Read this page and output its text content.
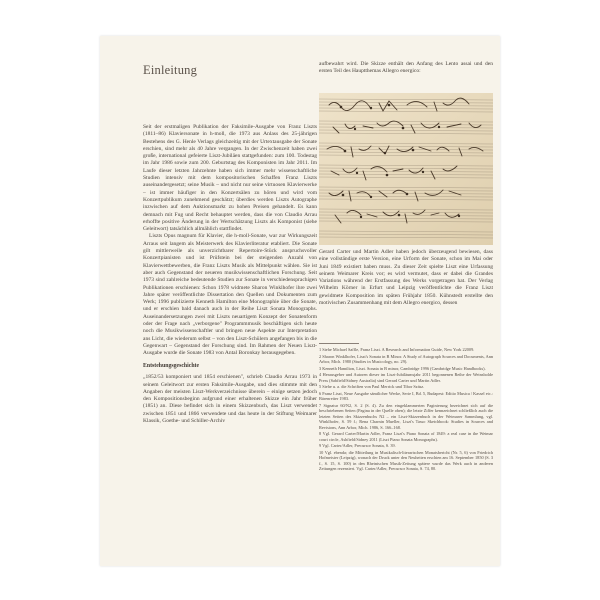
Einleitung

Seit der erstmaligen Publikation der Faksimile-Ausgabe von Franz Liszts (1811–86) Klaviersonate in h-moll, die 1973 aus Anlass des 25-jährigen Bestehens des G. Henle Verlags gleichzeitig mit der Urtextausgabe der Sonate erschien, sind mehr als 40 Jahre vergangen. In der Zwischenzeit haben zwei große, international gefeierte Liszt-Jubiläen stattgefunden: zum 100. Todestag im Jahr 1986 sowie zum 200. Geburtstag des Komponisten im Jahr 2011. Im Laufe dieser letzten Jahrzehnte haben sich immer mehr wissenschaftliche Studien intensiv mit dem kompositorischen Schaffen Franz Liszts auseinandergesetzt; seine Musik – und nicht nur seine virtuosen Klavierwerke – ist immer häufiger in den Konzertsälen zu hören und wird vom Konzertpublikum zunehmend geschätzt; überdies werden Liszts Autographe inzwischen auf dem Auktionsmarkt zu hohen Preisen gehandelt. Es kann demnach mit Fug und Recht behauptet werden, dass die von Claudio Arrau erhoffte positive Änderung in der Wertschätzung Liszts als Komponist (siehe Geleitwort) tatsächlich allmählich stattfindet.

Liszts Opus magnum für Klavier, die h-moll-Sonate, war zur Wirkungszeit Arraus seit langem als Meisterwerk des Klavierliteratur etabliert. Die Sonate gilt mittlerweile als unverzichtbarer Repertoire-Stück anspruchsvoller Konzertpianisten und ist Prüfstein bei der steigenden Anzahl von Klavierwettbewerben, die Franz Liszts Musik als Mittelpunkt wählen. Sie ist aber auch Gegenstand der neueren musikwissenschaftlichen Forschung. Seit 1973 sind zahlreiche bedeutende Studien zur Sonate in verschiedensprachigen Publikationen erschienen: Schon 1978 widmete Sharon Winklhofer ihre zwei Jahre später veröffentlichte Dissertation den Quellen und Dokumenten zum Werk; 1996 publizierte Kenneth Hamilton eine Monographie über die Sonate, und er erschien bald danach auch in der Reihe Liszt Sonata Monographs. Auseinandersetzungen zwei mit Liszts neuartigem Konzept der Sonatenform oder der Frage nach „verborgene" Programmmusik beschäftigen sich heute noch die Musikwissenschaftler und bringen neue Aspekte zur Interpretation ans Licht, die wiederum selbst – von den Liszt-Schülern angefangen bis in die Gegenwart – Gegenstand der Forschung sind. Im Rahmen der Neuen Liszt-Ausgabe wurde die Sonate 1983 von Antal Boronkay herausgegeben.

Entstehungsgeschichte

„1852/53 komponiert und 1854 erschienen", schrieb Claudio Arrau 1973 in seinem Geleitwort zur ersten Faksimile-Ausgabe, und dies stimmte mit den Angaben der meisten Liszt-Werkverzeichnisse überein – einige setzen jedoch den Kompositionsbeginn aufgrund einer erhaltenen Skizze ein Jahr früher (1851) an. Diese befindet sich in einem Skizzenbuch, das Liszt verwendet zwischen 1851 und 1866 verwendete und das heute in der Stiftung Weimarer Klassik, Goethe- und Schiller-Archiv

aufbewahrt wird. Die Skizze enthält den Anfang des Lento assai und den ersten Teil des Hauptthemas Allegro energico:

Gerard Carter und Martin Adler haben jedoch überzeugend bewiesen, dass eine vollständige erste Version, eine Urform der Sonate, schon im Mai oder Juni 1849 existiert haben muss. Zu dieser Zeit spielte Liszt eine Urfassung seinem Weimarer Kreis vor; es wird vermutet, dass er dabei die Grandes Variations während der Erstfassung des Werks vorgetragen hat. Der Verlag Wilhelm Körner in Erfurt und Leipzig veröffentlichte die Franz Liszt gewidmete Komposition im späten Frühjahr 1850. Kühnstedt erstellte den motivischen Zusammenhang mit dem Allegro energico, dessen

1 Siehe Michael Saffle, Franz Liszt. A Research and Information Guide, New York 22009.
2 Sharon Winklhofer, Liszt's Sonata in B Minor. A Study of Autograph Sources and Documents, Ann Arbor, Mich. 1980 (Studies in Musicology, no. 29).
3 Kenneth Hamilton, Liszt. Sonata in B minor, Cambridge 1996 (Cambridge Music Handbooks).
4 Herausgeber und Autoren dieser im Liszt-Jubiläumsjahr 2011 begonnenen Reihe der Weinsbolde Press (Sabfield/Sidney Australia) sind Gerard Carter und Martin Adler.
5 Siehe u. a. die Schriften von Paul Merrick und Tibor Szász.
6 Franz Liszt, Neue Ausgabe sämtlicher Werke, Serie I, Bd. 5, Budapest: Editio Musica / Kassel etc.: Bärenreiter 1983.
7 Signatur 60/N2, S. 2 (S. 4). Zu den eingeklammerten Paginierung bezeichnet sich auf die beschriebenen Seiten (Pagina in der Quelle oben); die letzte Ziffer kennzeichnet schließlich auch die letzten Seiten des Skizzenbuchs N2 – ein Liszt-Skizzenbuch in der Weimarer Sammlung, vgl. Winklhofer, S. 59 f.; Rena Charnin Mueller, Liszt's Tasso Sketchbook: Studies in Sources and Revisions, Ann Arbor, Mich. 1986, S. 166–168.
8 Vgl. Gerard Carter/Martin Adler, Franz Liszt's Piano Sonata of 1849: a real case in the Weimar court circle, Ashfield/Sidney 2011 (Liszt Piano Sonata Monographs).
9 Vgl. Carter/Adler, Precursor Sonata, S. 39.
10 Vgl. ebenda; die Mitteilung in Musikalisch-literarischen Monatsbericht (Nr. 5, 6) von Friedrich Hofmeister (Leipzig), wonach der Druck unter den Neuheiten erschien am 16. September 1850 (S. 3 f., S. 15, S. 100) in den Rheinischen Musik-Zeitung spätere wurde das Werk auch in anderen Zeitungen rezensiert. Vgl. Carter/Adler, Precursor Sonata, S. 74, 80.
